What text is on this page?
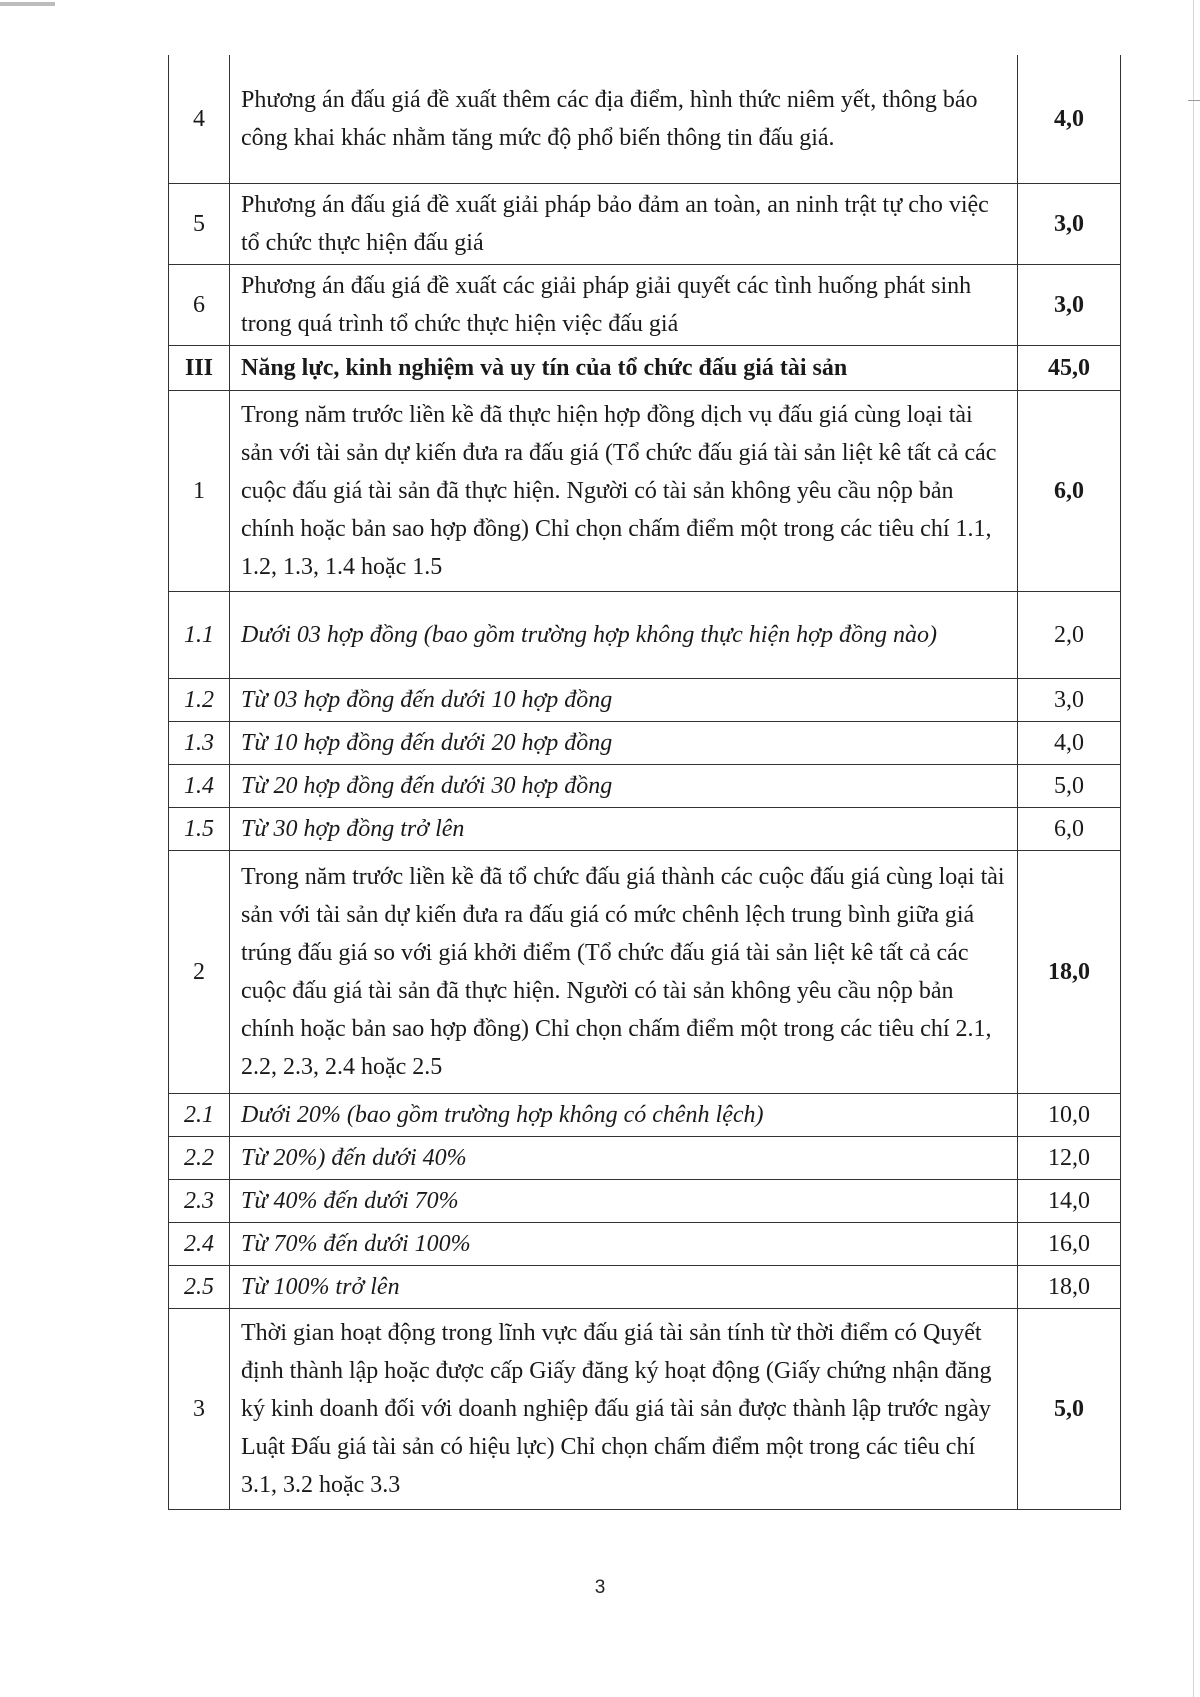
4	Phương án đấu giá đề xuất thêm các địa điểm, hình thức niêm yết, thông báo công khai khác nhằm tăng mức độ phổ biến thông tin đấu giá.	4,0
5	Phương án đấu giá đề xuất giải pháp bảo đảm an toàn, an ninh trật tự cho việc tổ chức thực hiện đấu giá	3,0
6	Phương án đấu giá đề xuất các giải pháp giải quyết các tình huống phát sinh trong quá trình tổ chức thực hiện việc đấu giá	3,0
III	Năng lực, kinh nghiệm và uy tín của tổ chức đấu giá tài sản	45,0
1	Trong năm trước liền kề đã thực hiện hợp đồng dịch vụ đấu giá cùng loại tài sản với tài sản dự kiến đưa ra đấu giá (Tổ chức đấu giá tài sản liệt kê tất cả các cuộc đấu giá tài sản đã thực hiện. Người có tài sản không yêu cầu nộp bản chính hoặc bản sao hợp đồng) Chỉ chọn chấm điểm một trong các tiêu chí 1.1, 1.2, 1.3, 1.4 hoặc 1.5	6,0
1.1	Dưới 03 hợp đồng (bao gồm trường hợp không thực hiện hợp đồng nào)	2,0
1.2	Từ 03 hợp đồng đến dưới 10 hợp đồng	3,0
1.3	Từ 10 hợp đồng đến dưới 20 hợp đồng	4,0
1.4	Từ 20 hợp đồng đến dưới 30 hợp đồng	5,0
1.5	Từ 30 hợp đồng trở lên	6,0
2	Trong năm trước liền kề đã tổ chức đấu giá thành các cuộc đấu giá cùng loại tài sản với tài sản dự kiến đưa ra đấu giá có mức chênh lệch trung bình giữa giá trúng đấu giá so với giá khởi điểm (Tổ chức đấu giá tài sản liệt kê tất cả các cuộc đấu giá tài sản đã thực hiện. Người có tài sản không yêu cầu nộp bản chính hoặc bản sao hợp đồng) Chỉ chọn chấm điểm một trong các tiêu chí 2.1, 2.2, 2.3, 2.4 hoặc 2.5	18,0
2.1	Dưới 20% (bao gồm trường hợp không có chênh lệch)	10,0
2.2	Từ 20%) đến dưới 40%	12,0
2.3	Từ 40% đến dưới 70%	14,0
2.4	Từ 70% đến dưới 100%	16,0
2.5	Từ 100% trở lên	18,0
3	Thời gian hoạt động trong lĩnh vực đấu giá tài sản tính từ thời điểm có Quyết định thành lập hoặc được cấp Giấy đăng ký hoạt động (Giấy chứng nhận đăng ký kinh doanh đối với doanh nghiệp đấu giá tài sản được thành lập trước ngày Luật Đấu giá tài sản có hiệu lực) Chỉ chọn chấm điểm một trong các tiêu chí 3.1, 3.2 hoặc 3.3	5,0
3
